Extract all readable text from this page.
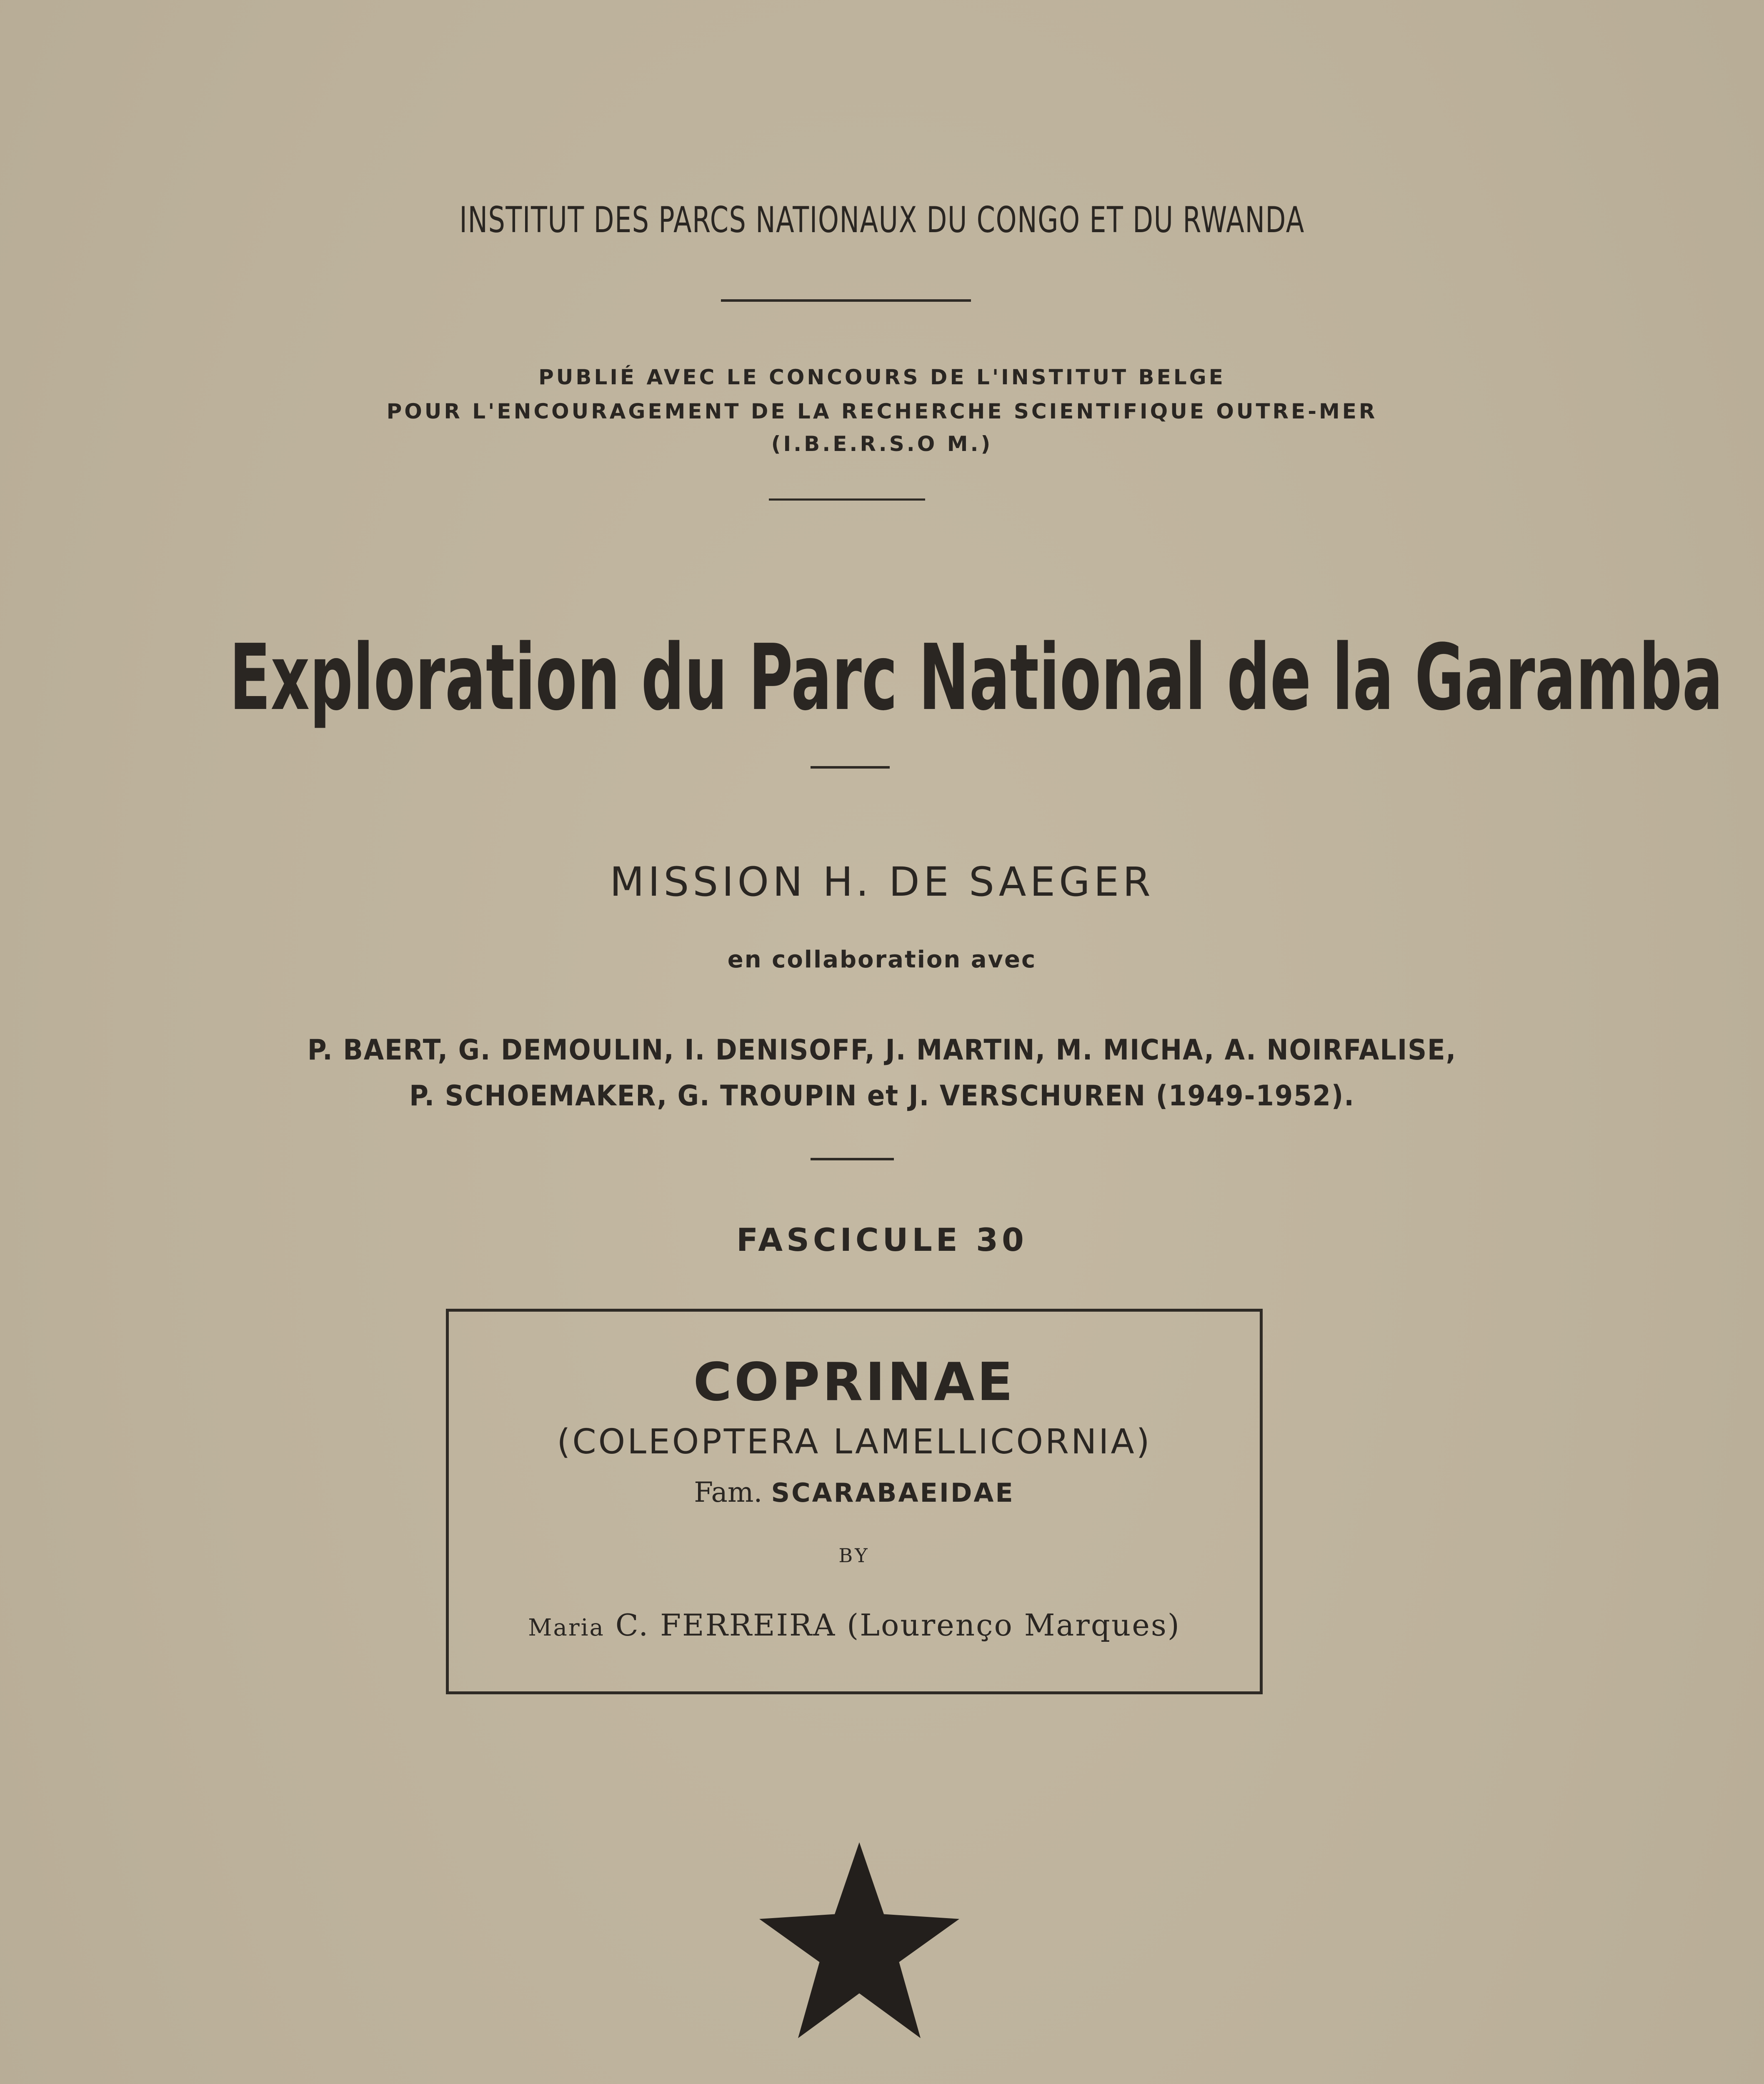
INSTITUT DES PARCS NATIONAUX DU CONGO ET DU RWANDA
PUBLIÉ AVEC LE CONCOURS DE L'INSTITUT BELGE
POUR L'ENCOURAGEMENT DE LA RECHERCHE SCIENTIFIQUE OUTRE-MER
(I.B.E.R.S.O M.)
Exploration du Parc National de la Garamba
MISSION H. DE SAEGER
en collaboration avec
P. BAERT, G. DEMOULIN, I. DENISOFF, J. MARTIN, M. MICHA, A. NOIRFALISE,
P. SCHOEMAKER, G. TROUPIN et J. VERSCHUREN (1949-1952).
FASCICULE 30
COPRINAE
(COLEOPTERA LAMELLICORNIA)
Fam. SCARABAEIDAE
BY
Maria C. FERREIRA (Lourenço Marques)
